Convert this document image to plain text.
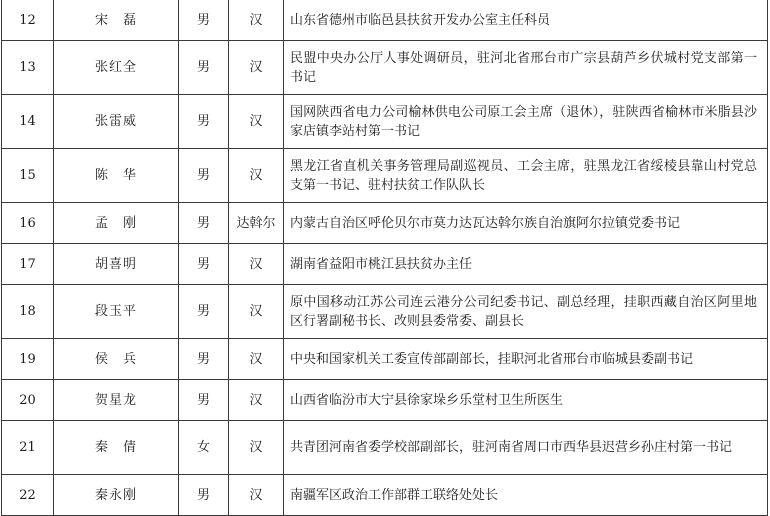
12	宋　磊	男	汉	山东省德州市临邑县扶贫开发办公室主任科员
13	张红全	男	汉	民盟中央办公厅人事处调研员，驻河北省邢台市广宗县葫芦乡伏城村党支部第一书记
14	张雷威	男	汉	国网陕西省电力公司榆林供电公司原工会主席（退休），驻陕西省榆林市米脂县沙家店镇李站村第一书记
15	陈　华	男	汉	黑龙江省直机关事务管理局副巡视员、工会主席，驻黑龙江省绥棱县靠山村党总支第一书记、驻村扶贫工作队队长
16	孟　刚	男	达斡尔	内蒙古自治区呼伦贝尔市莫力达瓦达斡尔族自治旗阿尔拉镇党委书记
17	胡喜明	男	汉	湖南省益阳市桃江县扶贫办主任
18	段玉平	男	汉	原中国移动江苏公司连云港分公司纪委书记、副总经理，挂职西藏自治区阿里地区行署副秘书长、改则县委常委、副县长
19	侯　兵	男	汉	中央和国家机关工委宣传部副部长，挂职河北省邢台市临城县委副书记
20	贺星龙	男	汉	山西省临汾市大宁县徐家垛乡乐堂村卫生所医生
21	秦　倩	女	汉	共青团河南省委学校部副部长，驻河南省周口市西华县迟营乡孙庄村第一书记
22	秦永刚	男	汉	南疆军区政治工作部群工联络处处长
